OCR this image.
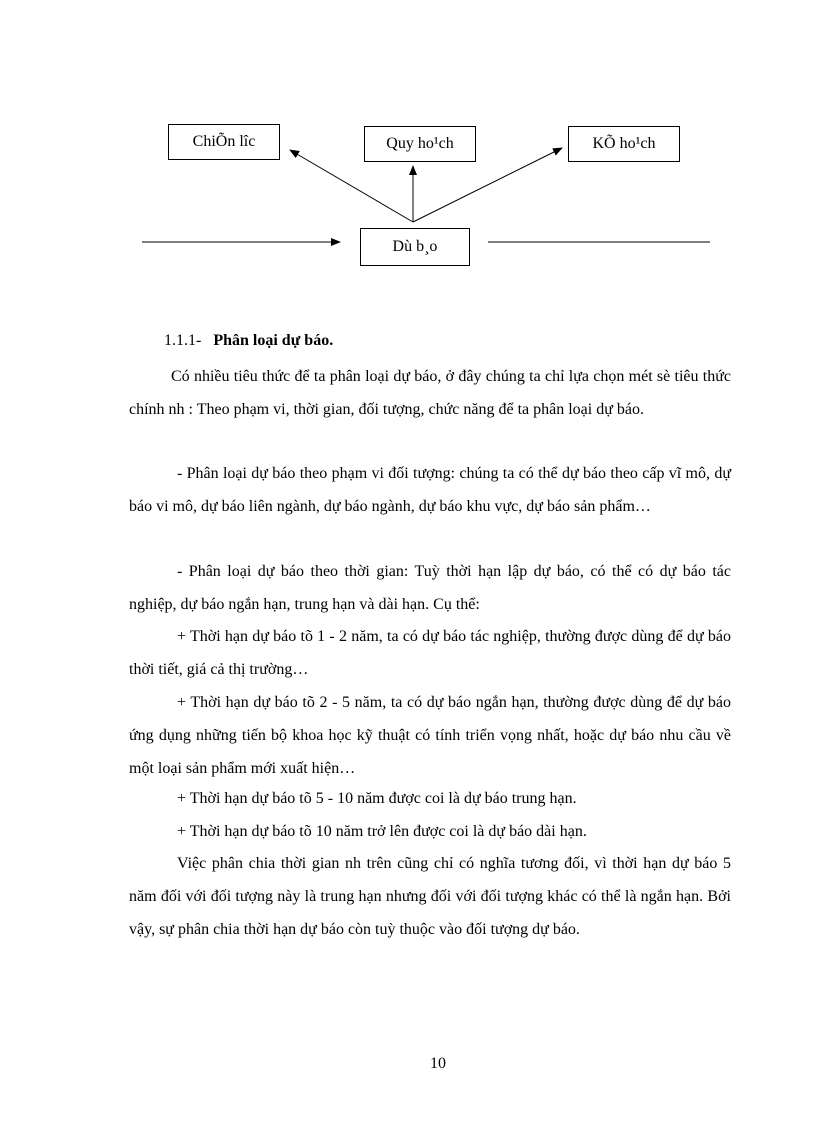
ChiÕn lîc	Quy ho¹ch	KÕ ho¹ch
Dù b¸o
1.1.1- Phân loại dự báo.

Có nhiều tiêu thức để ta phân loại dự báo, ở đây chúng ta chỉ lựa chọn mét sè tiêu thức chính nh : Theo phạm vi, thời gian, đối tượng, chức năng để ta phân loại dự báo.

- Phân loại dự báo theo phạm vi đối tượng: chúng ta có thể dự báo theo cấp vĩ mô, dự báo vi mô, dự báo liên ngành, dự báo ngành, dự báo khu vực, dự báo sản phẩm…

- Phân loại dự báo theo thời gian: Tuỳ thời hạn lập dự báo, có thể có dự báo tác nghiệp, dự báo ngắn hạn, trung hạn và dài hạn. Cụ thể:

+ Thời hạn dự báo tõ 1 - 2 năm, ta có dự báo tác nghiệp, thường được dùng để dự báo thời tiết, giá cả thị trường…

+ Thời hạn dự báo tõ 2 - 5 năm, ta có dự báo ngắn hạn, thường được dùng để dự báo ứng dụng những tiến bộ khoa học kỹ thuật có tính triển vọng nhất, hoặc dự báo nhu cầu về một loại sản phẩm mới xuất hiện…

+ Thời hạn dự báo tõ 5 - 10 năm được coi là dự báo trung hạn.

+ Thời hạn dự báo tõ 10 năm trở lên được coi là dự báo dài hạn.

Việc phân chia thời gian nh trên cũng chỉ có nghĩa tương đối, vì thời hạn dự báo 5 năm đối với đối tượng này là trung hạn nhưng đối với đối tượng khác có thể là ngắn hạn. Bởi vậy, sự phân chia thời hạn dự báo còn tuỳ thuộc vào đối tượng dự báo.

10
